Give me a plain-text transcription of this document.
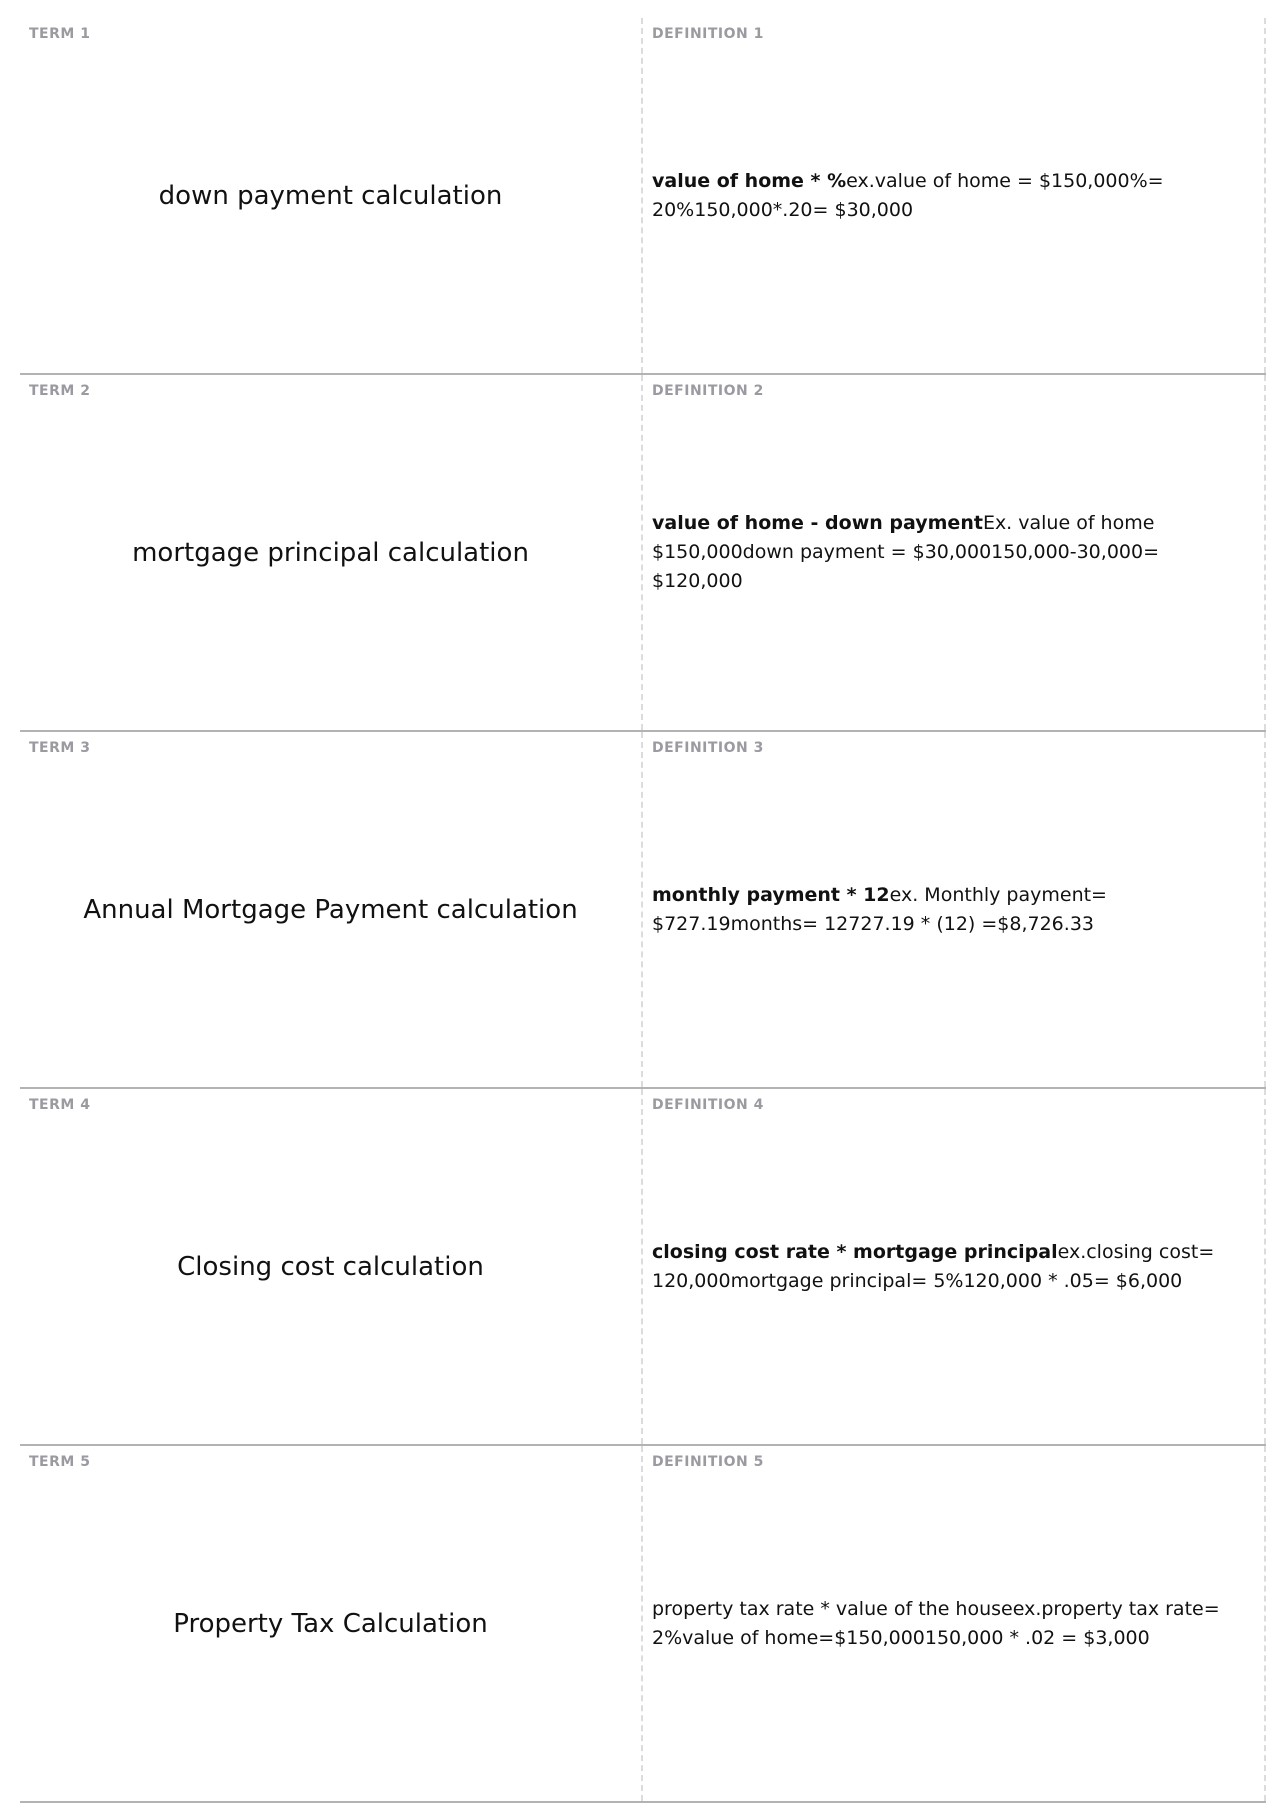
TERM 1
down payment calculation
DEFINITION 1

value of home * %ex.value of home = $150,000%= 20%150,000*.20= $30,000

TERM 2
mortgage principal calculation
DEFINITION 2

value of home - down paymentEx. value of home $150,000down payment = $30,000150,000-30,000= $120,000

TERM 3
Annual Mortgage Payment calculation
DEFINITION 3

monthly payment * 12ex. Monthly payment= $727.19months= 12727.19 * (12) =$8,726.33

TERM 4
Closing cost calculation
DEFINITION 4

closing cost rate * mortgage principalex.closing cost= 120,000mortgage principal= 5%120,000 * .05= $6,000

TERM 5
Property Tax Calculation
DEFINITION 5

property tax rate * value of the houseex.property tax rate= 2%value of home=$150,000150,000 * .02 = $3,000
